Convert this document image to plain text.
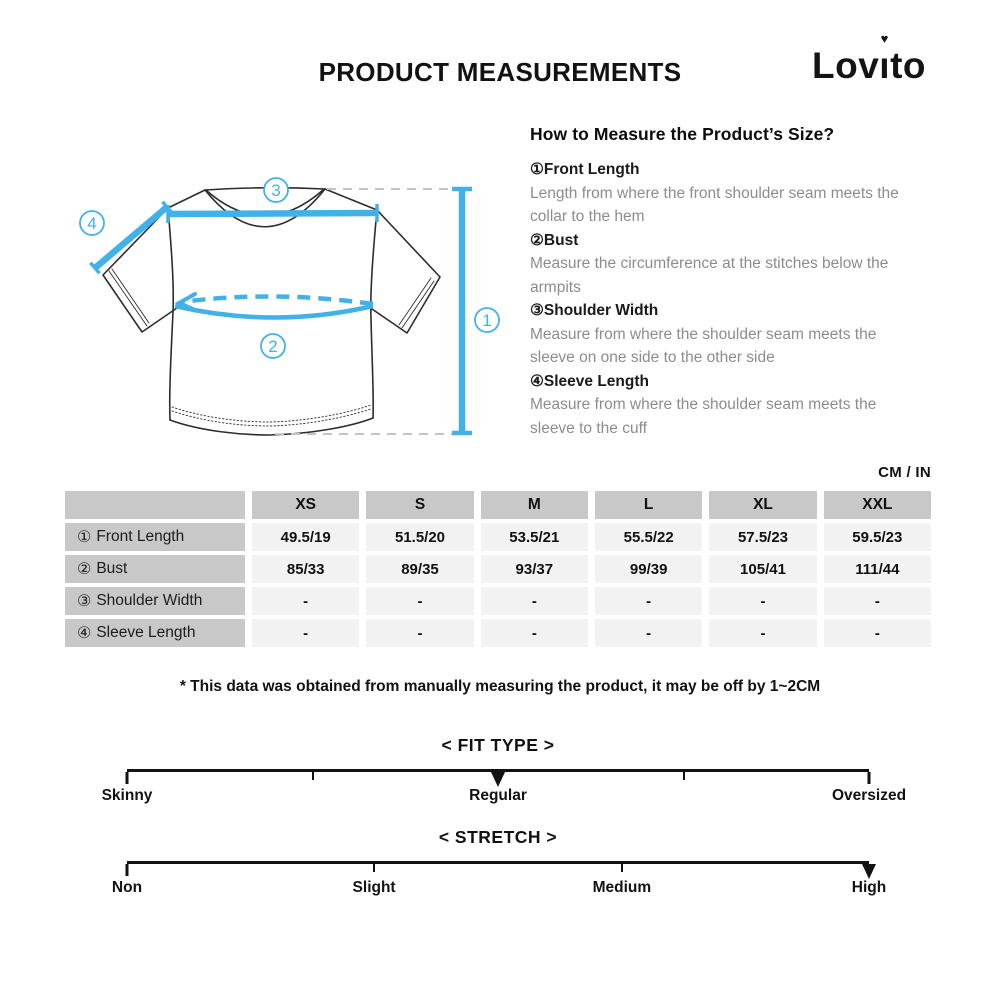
PRODUCT MEASUREMENTS	Lovı
♥
to
3
4
2
1
How to Measure the Product’s Size?
①Front Length
Length from where the front shoulder seam meets the collar to the hem
②Bust
Measure the circumference at the stitches below the armpits
③Shoulder Width
Measure from where the shoulder seam meets the sleeve on one side to the other side
④Sleeve Length
Measure from where the shoulder seam meets the sleeve to the cuff
CM / IN
XS	S	M	L	XL	XXL
① Front Length	49.5/19	51.5/20	53.5/21	55.5/22	57.5/23	59.5/23
② Bust	85/33	89/35	93/37	99/39	105/41	111/44
③ Shoulder Width	-	-	-	-	-	-
④ Sleeve Length	-	-	-	-	-	-
* This data was obtained from manually measuring the product, it may be off by 1~2CM
< FIT TYPE >
Skinny	Regular	Oversized
< STRETCH >
Non	Slight	Medium	High
